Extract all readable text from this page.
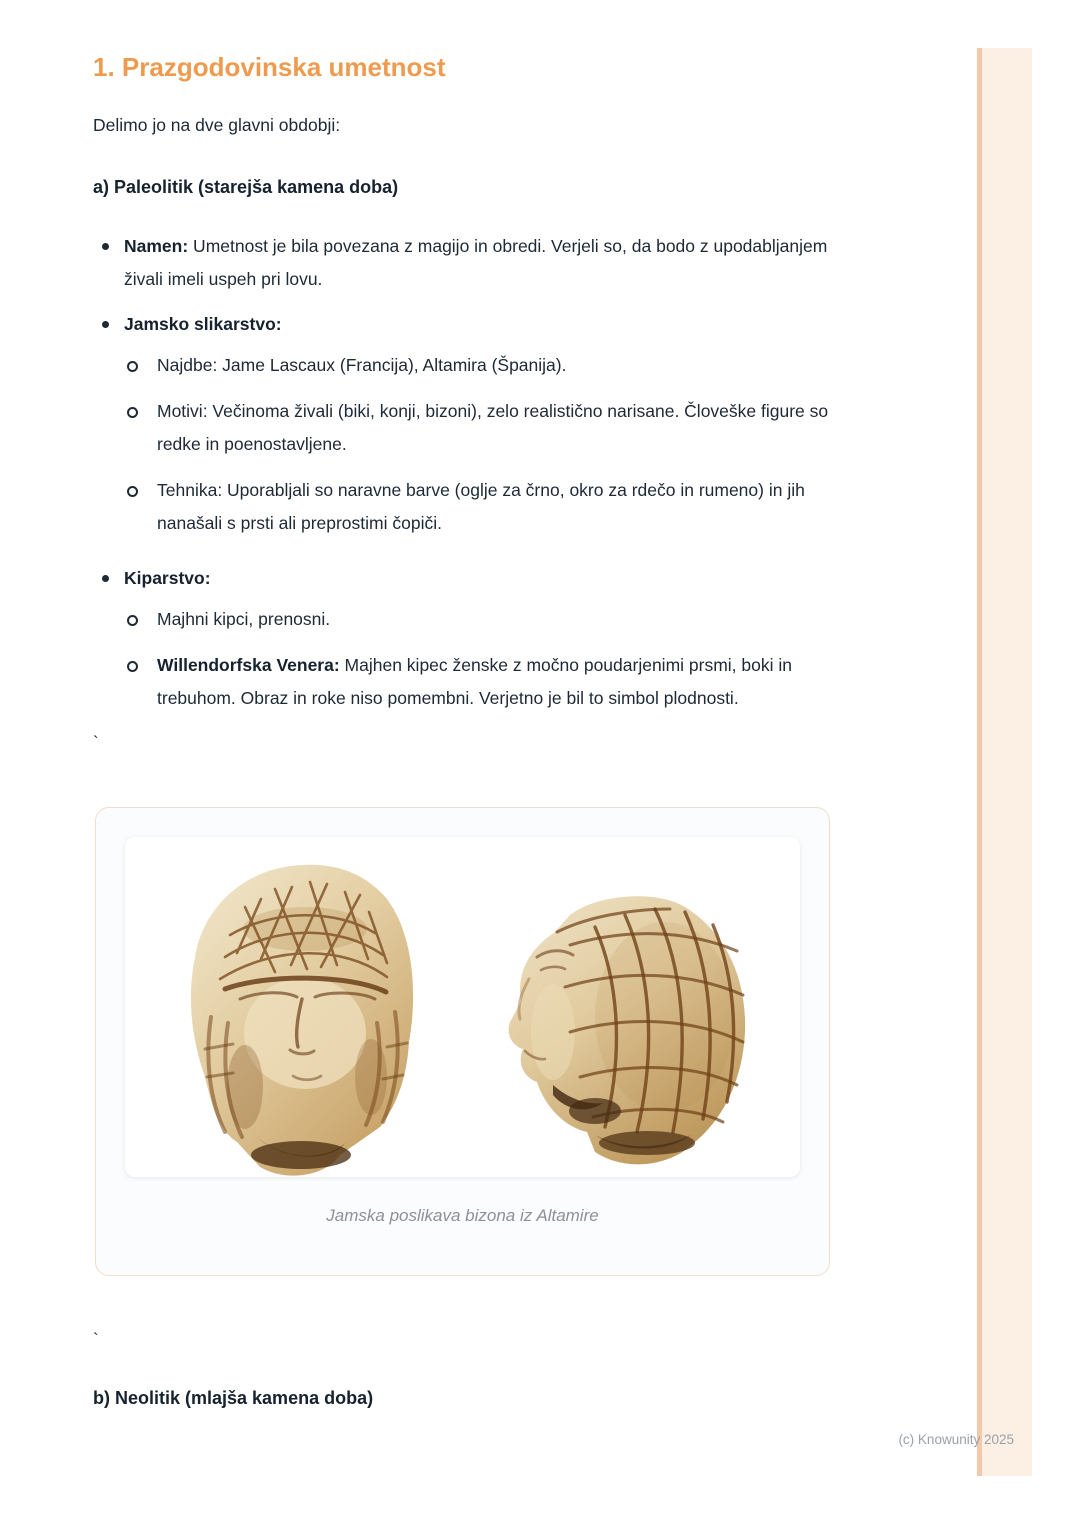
1. Prazgodovinska umetnost

Delimo jo na dve glavni obdobji:

a) Paleolitik (starejša kamena doba)
Namen: Umetnost je bila povezana z magijo in obredi. Verjeli so, da bodo z upodabljanjem živali imeli uspeh pri lovu.
Jamsko slikarstvo:
Najdbe: Jame Lascaux (Francija), Altamira (Španija).
Motivi: Večinoma živali (biki, konji, bizoni), zelo realistično narisane. Človeške figure so redke in poenostavljene.
Tehnika: Uporabljali so naravne barve (oglje za črno, okro za rdečo in rumeno) in jih nanašali s prsti ali preprostimi čopiči.
Kiparstvo:
Majhni kipci, prenosni.
Willendorfska Venera: Majhen kipec ženske z močno poudarjenimi prsmi, boki in trebuhom. Obraz in roke niso pomembni. Verjetno je bil to simbol plodnosti.
`
Jamska poslikava bizona iz Altamire
`
b) Neolitik (mlajša kamena doba)
(c) Knowunity 2025
